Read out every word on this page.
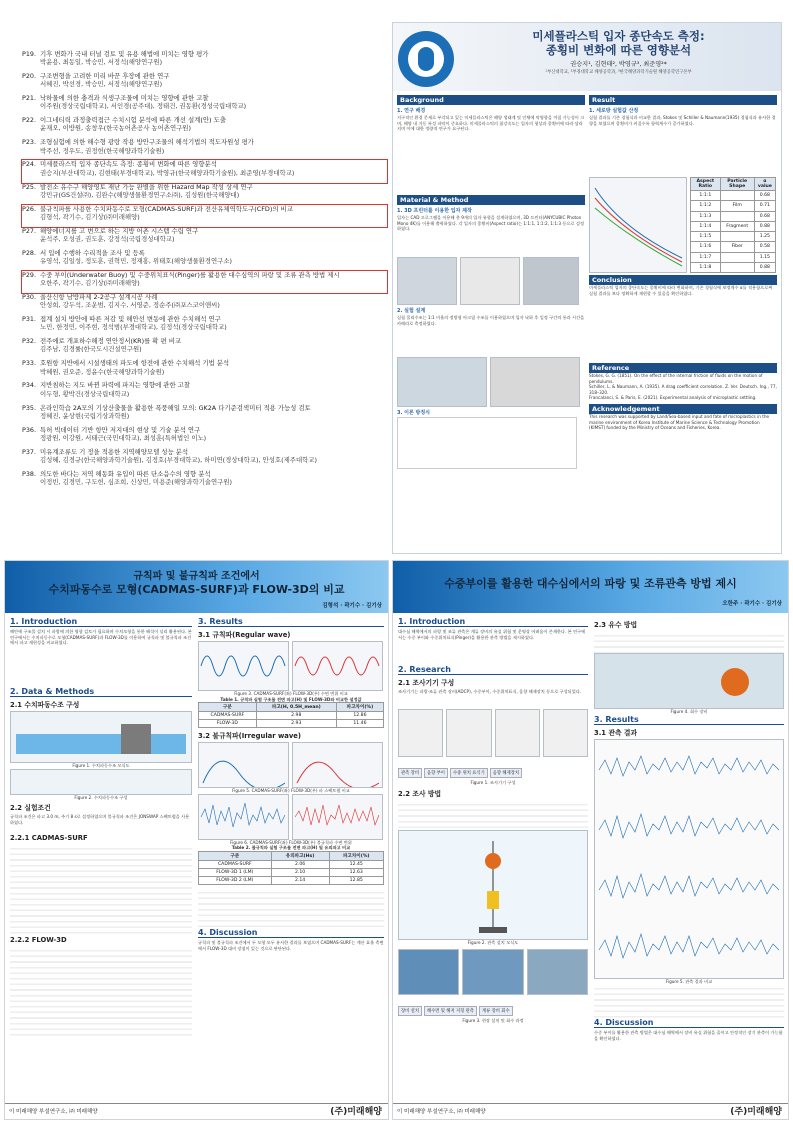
P19. 기후 변화가 국내 터널 검토 및 유용 해법에 미치는 영향 평가
박윤용, 최동일, 박승민, 서정석(해양연구원)
P20. 구조변형을 고려한 미리 바꾼 후장에 관한 연구
서혜진, 박선경, 박승민, 서정석(해양연구원)
P21. 낙하물에 의한 충격과 식생구조물에 미치는 영향에 관한 고찰
이주원(경상국립대학교), 서인경(공주대), 정태건, 권동환(경성국립대학교)
P22. 이그네티릭 과정출력접근 수치시험 분석에 따른 개선 설계(안) 도출
윤재오, 이방원, 송창우(한국농어촌공사 농어촌연구원)
P23. 조형실험에 의한 해수형 광랑 작용 방안구조물의 해석기법의 적도자원성 평가
박주선, 정우도, 권정헌(한국해양과학기술원)
P24. 미세플라스틱 입자 종단속도 측정: 종횡비 변화에 따른 영향분석
권승지(부산대학교), 김현태(부경대학교), 박영규(한국해양과학기술원), 최준영(부경대학교)
P25. 발전소 유수구 해양영토 재난 가능 판별을 위한 Hazard Map 작성 상세 연구
강민규(GS건설㈜), 김완수(해양생물환경연구소㈜), 김성원(한국해양대)
P26. 불규칙파를 사용한 수치파동수로 모형(CADMAS-SURF)과 전산유체역학도구(CFD)의 비교
김형석, 곽기수, 김기상(㈜미래해양)
P27. 해양에너지를 고 변으로 하는 지방 어촌 시스템 수립 연구
윤석주, 오성권, 권도훈, 강정석(국립경성대학교)
P28. 서 입에 수행하 수리적을 조사 및 등록
유영석, 김일성, 정도훈, 권혁민, 정재홍, 위태호(해양생물환경연구소)
P29. 수중 부이(Underwater Buoy) 및 수중위치표식(Pinger)를 활용한 대수심역의 파랑 및 조류 관측 방법 제시
오한주, 곽기수, 김기상(㈜미래해양)
P30. 울산신항 남방파제 2-2공구 설계시공 사례
안성희, 강두석, 조운범, 김지수, 서영준, 정순주(㈜포스코이앤씨)
P31. 접계 설치 방안에 따른 저감 및 해안선 변동에 관한 수치해석 연구
노민, 한정민, 이주현, 정석범(부경대학교), 김정석(경상국립대학교)
P32. 전주에로 개포하수해정 연안정서(KR)를 확 편 비교
김주남, 김경률(한국도시건설연구원)
P33. 호원항 지반에서 시설생태의 파도에 항전에 관한 수치해석 기법 분석
박혜원, 권오준, 정윤수(한국해양과학기술원)
P34. 지반침하는 지도 바뀐 파력에 파지는 영향에 관한 고찰
이두형, 황박건(경상국립대학교)
P35. 온라인학습 2A모의 기상산출물을 활용한 폭풍해일 모의: GK2A 다기준검색미터 적용 가능성 검토
정혜진, 윤상현(국립기상과학원)
P36. 특허 빅데이터 기반 항만 저지대의 현상 및 기술 분석 연구
정광원, 이강원, 서태근(국민대학교), 최성훈(특허법인 이노)
P37. 미유계조류도 기 정을 적용한 지역해양모델 성능 분석
김성혜, 김경규(한국해양과학기술원), 김정호(부경대학교), 하미연(경상대학교), 안성호(제주대학교)
P38. 의도한 바다는 저역 해동화 유입이 따른 단소음수의 영향 분석
이정빈, 김경민, 구도헌, 심조희, 신상민, 미용준(해양과학기술연구원)
미세플라스틱 입자 종단속도 측정:
종횡비 변화에 따른 영향분석
권승지¹, 김현태², 박영규³, 최준영²*
¹부산대학교, ²부경대학교 해양공학과, ³한국해양과학기술원 해양공학연구본부
Background
1. 연구 배경
지구적인 환경 문제로 부각되고 있는 미세플라스틱은 해양 생태계 및 인체에 악영향을 끼칠 가능성이 크며, 해양 내 거동 특성 파악이 중요하다. 미세플라스틱의 침강속도는 입자의 형상과 종횡비에 따라 달라지며 이에 대한 정량적 연구가 요구된다.
Material & Method
1. 3D 프린터를 이용한 입자 제작
입자는 CAD 프로그램을 이용해 총 9개의 입자 유형을 설계하였으며, 3D 프린터(ANYCUBIC Photon Mono 4K)를 이용해 출력하였다. 각 입자의 종횡비(Aspect ratio)는 1:1:1, 1:1:2, 1:1:3 등으로 설정하였다.
2. 실험 설계
실험 물리수조는 1:1 비율의 정방형 아크릴 수조를 이용하였으며 입자 낙하 후 일정 구간의 통과 시간을 카메라로 측정하였다.
3. 이론 방정식
Result
1. 세로방 실험값 산정
실험 결과를 기존 경험식과 비교한 결과, Stokes 및 Schiller & Naumann(1935) 경험식과 유사한 경향을 보였으며 종횡비가 커질수록 항력계수가 증가하였다.
Aspect Ratio	Particle Shape	α value
1:1:1		0.68
1:1:2	Film	0.71
1:1:3		0.68
1:1:4	Fragment	0.88
1:1:5		1.25
1:1:6	Fiber	0.58
1:1:7		1.15
1:1:8		0.88
Conclusion
미세플라스틱 입자의 종단속도는 종횡비에 따라 변화하며, 기존 경험식에 보정계수 α를 적용함으로써 실험 결과를 보다 정확하게 재현할 수 있음을 확인하였다.
Reference
Stokes, G. G. (1851). On the effect of the internal friction of fluids on the motion of pendulums.
Schiller, L. & Naumann, A. (1935). A drag coefficient correlation. Z. Ver. Deutsch. Ing., 77, 318–320.
Francalanci, S. & Paris, E. (2021). Experimental analysis of microplastic settling.
Acknowledgement
This research was supported by Land/Sea-based input and fate of microplastics in the marine environment of Korea Institute of Marine Science & Technology Promotion (KIMST) funded by the Ministry of Oceans and Fisheries, Korea.
규칙파 및 불규칙파 조건에서
수치파동수로 모형(CADMAS-SURF)과 FLOW-3D의 비교
김형석 · 곽기수 · 김기상
1. Introduction
해안에 구조물 설치 시 파랑에 의한 영향 검토가 필요하며 수치모형을 통한 해석이 널리 활용된다. 본 연구에서는 수치파동수로 모형(CADMAS-SURF)과 FLOW-3D를 이용하여 규칙파 및 불규칙파 조건에서 파고 재현성을 비교하였다.
2. Data & Methods
2.1 수치파동수조 구성
Figure 1. 수치파동수조 모식도
Figure 2. 수치파동수조 구성
2.2 실험조건
규칙파 조건은 파고 3.0 m, 주기 8 s로 설정하였으며 불규칙파 조건은 JONSWAP 스펙트럼을 사용하였다.
2.2.1 CADMAS-SURF
2.2.2 FLOW-3D
3. Results
3.1 규칙파(Regular wave)
Figure 3. CADMAS-SURF(좌) FLOW-3D(우) 수면 변위 비교
Table 1. 규칙파 실험 구조물 전면 파고(H) 및 FLOW-3D와 비교한 설정값
구분	파고(H, 0.5H_mean)	파고차이(%)
CADMAS-SURF	2.98	12.86
FLOW-3D	2.93	11.46
3.2 불규칙파(Irregular wave)
Figure 5. CADMAS-SURF(좌) FLOW-3D(우) 파 스펙트럼 비교
Figure 6. CADMAS-SURF(좌) FLOW-3D(우) 불규칙파 수면 변위
Table 2. 불규칙파 실험 구조물 전면 파고(H) 및 유의파고 비교
구분	유의파고(Hs)	파고차이(%)
CADMAS-SURF	2.06	12.45
FLOW-3D 1 (LM)	2.10	12.63
FLOW-3D 2 (LM)	2.14	12.85
4. Discussion
규칙파 및 불규칙파 조건에서 두 모형 모두 유사한 결과를 보였으며 CADMAS-SURF는 계산 효율 측면에서 FLOW-3D 대비 장점이 있는 것으로 판단된다.
이 미래해양 부설연구소, ㈜ 미래해양	(주)미래해양
수중부이를 활용한 대수심에서의 파랑 및 조류관측 방법 제시
오한주 · 곽기수 · 김기상
1. Introduction
대수심 해역에서의 파랑 및 조류 관측은 계류 장비의 유실 위험 및 운영상 어려움이 존재한다. 본 연구에서는 수중 부이와 수중위치표식(Pinger)을 활용한 관측 방법을 제시하였다.
2. Research
2.1 조사기기 구성
조사기기는 파랑·조류 관측 장비(ADCP), 수중부이, 수중위치표식, 음향 해제장치 등으로 구성되었다.
관측 장비 음향 부이 수중 위치 표식기 음향 해제장치
Figure 1. 조사기기 구성
2.2 조사 방법
Figure 2. 관측 설치 모식도
장비 설치 해수면 및 해저 지형 관측 계류 장비 회수
Figure 3. 현장 설치 및 회수 과정
2.3 유수 방법
Figure 4. 회수 장비
3. Results
3.1 관측 결과
Figure 5. 관측 결과 비교
4. Discussion
수중 부이를 활용한 관측 방법은 대수심 해역에서 장비 유실 위험을 줄이고 안정적인 장기 관측이 가능함을 확인하였다.
이 미래해양 부설연구소, ㈜ 미래해양	(주)미래해양
